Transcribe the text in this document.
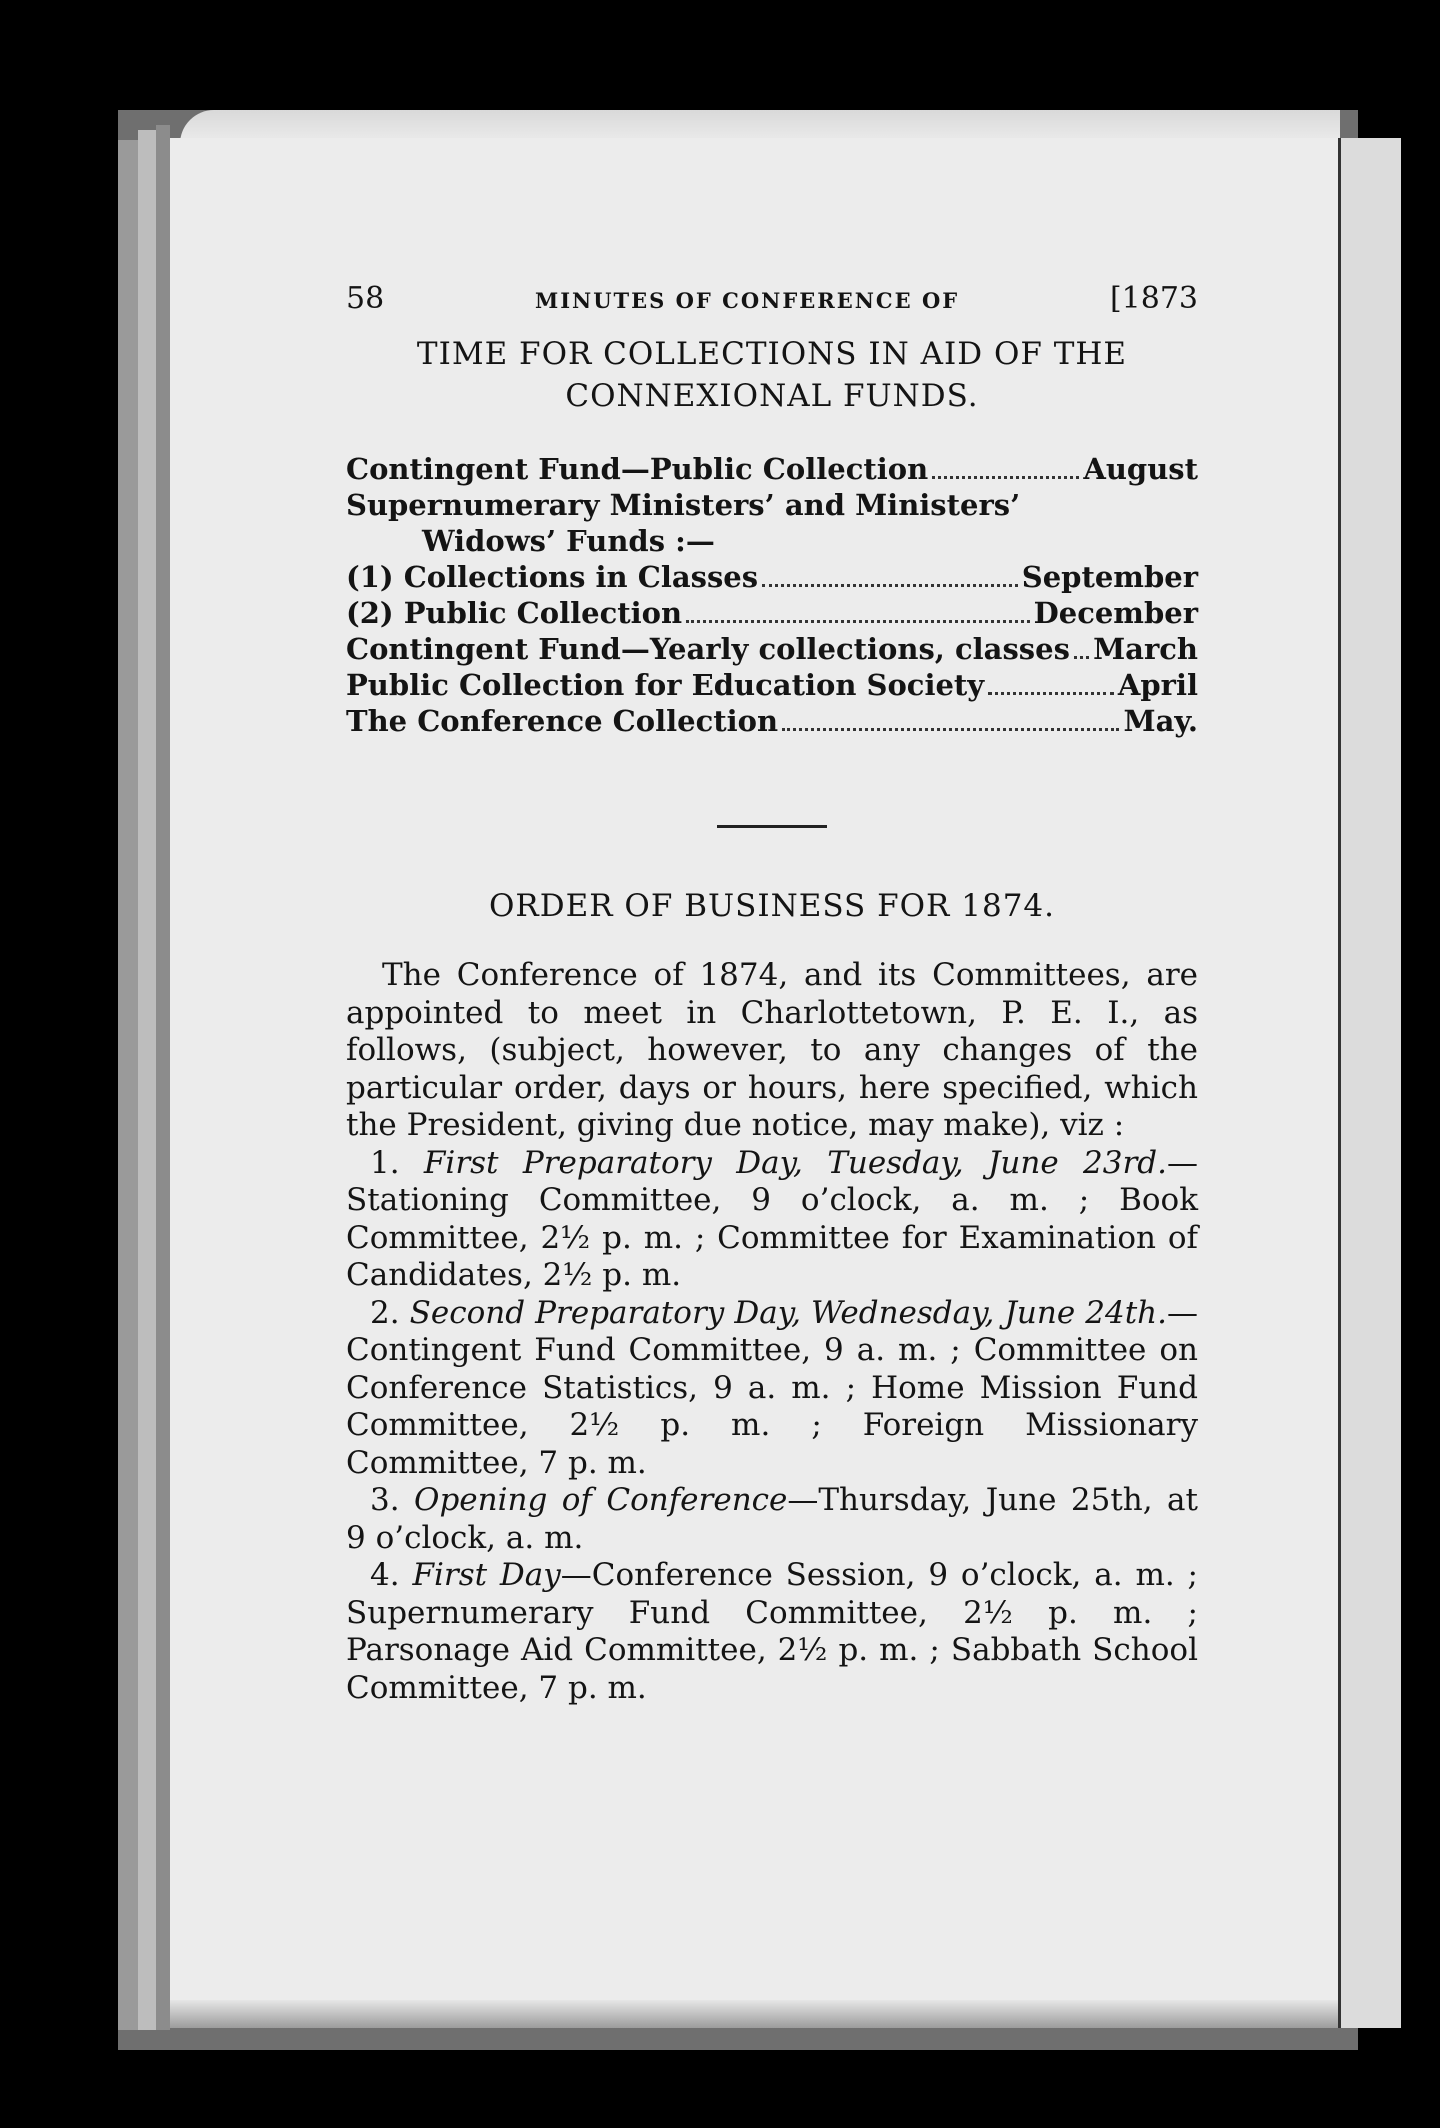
58	MINUTES OF CONFERENCE OF	[1873
TIME FOR COLLECTIONS IN AID OF THE
CONNEXIONAL FUNDS.
Contingent Fund—Public Collection	August
Supernumerary Ministers’ and Ministers’
Widows’ Funds :—
(1) Collections in Classes	September
(2) Public Collection	December
Contingent Fund—Yearly collections, classes March
Public Collection for Education Society	April
The Conference Collection	May.
ORDER OF BUSINESS FOR 1874.

The Conference of 1874, and its Committees, are appointed to meet in Charlottetown, P. E. I., as follows, (subject, however, to any changes of the particular order, days or hours, here specified, which the President, giving due notice, may make), viz :

1. First Preparatory Day, Tuesday, June 23rd.—Stationing Committee, 9 o’clock, a. m. ; Book Committee, 2½ p. m. ; Committee for Examination of Candidates, 2½ p. m.

2. Second Preparatory Day, Wednesday, June 24th.—Contingent Fund Committee, 9 a. m. ; Committee on Conference Statistics, 9 a. m. ; Home Mission Fund Committee, 2½ p. m. ; Foreign Missionary Committee, 7 p. m.

3. Opening of Conference—Thursday, June 25th, at 9 o’clock, a. m.

4. First Day—Conference Session, 9 o’clock, a. m. ; Supernumerary Fund Committee, 2½ p. m. ; Parsonage Aid Committee, 2½ p. m. ; Sabbath School Committee, 7 p. m.
